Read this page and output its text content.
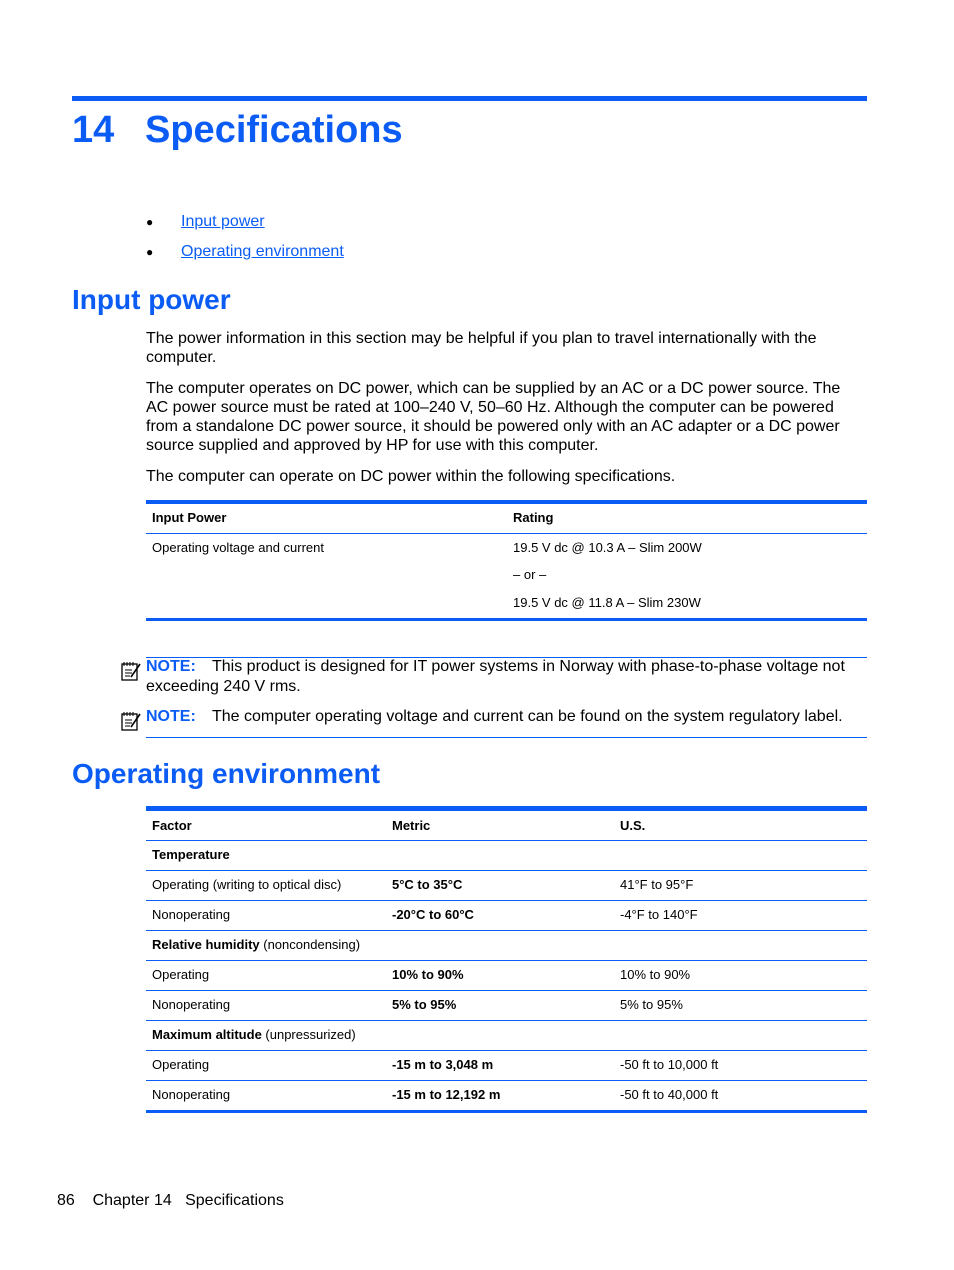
14 Specifications
● Input power
● Operating environment
Input power
The power information in this section may be helpful if you plan to travel internationally with the computer.
The computer operates on DC power, which can be supplied by an AC or a DC power source. The AC power source must be rated at 100–240 V, 50–60 Hz. Although the computer can be powered from a standalone DC power source, it should be powered only with an AC adapter or a DC power source supplied and approved by HP for use with this computer.
The computer can operate on DC power within the following specifications.
Input Power	Rating
Operating voltage and current	19.5 V dc @ 10.3 A – Slim 200W
– or –
19.5 V dc @ 11.8 A – Slim 230W
NOTE: This product is designed for IT power systems in Norway with phase-to-phase voltage not exceeding 240 V rms.
NOTE: The computer operating voltage and current can be found on the system regulatory label.
Operating environment
Factor	Metric	U.S.
Temperature
Operating (writing to optical disc)	5°C to 35°C	41°F to 95°F
Nonoperating	-20°C to 60°C	-4°F to 140°F
Relative humidity (noncondensing)
Operating	10% to 90%	10% to 90%
Nonoperating	5% to 95%	5% to 95%
Maximum altitude (unpressurized)
Operating	-15 m to 3,048 m	-50 ft to 10,000 ft
Nonoperating	-15 m to 12,192 m	-50 ft to 40,000 ft
86 Chapter 14 Specifications
